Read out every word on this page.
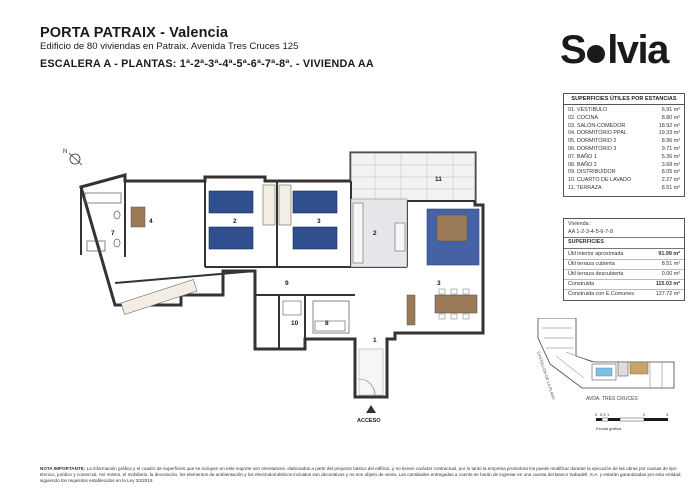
PORTA PATRAIX - Valencia
Edificio de 80 viviendas en Patraix. Avenida Tres Cruces 125
ESCALERA A - PLANTAS: 1ª-2ª-3ª-4ª-5ª-6ª-7ª-8ª. - VIVIENDA AA	S lvia
SUPERFICIES ÚTILES POR ESTANCIAS
01. VESTIBULO	6.91 m²
02. COCINA	8.80 m²
03. SALÓN-COMEDOR	18.92 m²
04. DORMITORIO PPAL	19.33 m²
05. DORMITORIO 2	8.96 m²
06. DORMITORIO 3	9.71 m²
07. BAÑO 1	5.36 m²
08. BAÑO 2	3.68 m²
09. DISTRIBUIDOR	8.05 m²
10. CUARTO DE LAVADO	2.27 m²
11. TERRAZA	8.51 m²
Vivienda :
AA 1-2-3-4-5-6-7-8
SUPERFICIES
Útil interior aproximada	91.99 m²
Útil terraza cubierta	8.51 m²
Útil terraza descubierta	0.00 m²
Construida	115.03 m²
Construida con E.Comunes	127.72 m²
N
1
2
2
3
3
4
7
8
9
10
11
ACCESO
CASTELLÓN DE LA PLANA	AVDA. TRES CRUCES
0 0.5 1	2	3
Escala gráfica
NOTA IMPORTANTE: La información gráfica y el cuadro de superficies que se incluyen en este soporte son orientativos, elaborados a partir del proyecto básico del edificio, y no tienen carácter contractual, por lo tanto la empresa promotora los puede modificar durante la ejecución de las obras por causas de tipo técnico, jurídico y comercial. Así mismo, el mobiliario, la decoración, los elementos de ambientación y los electrodomésticos incluidos son decorativos y no son objeto de venta. Las cantidades entregadas a cuenta se harán de ingresar en una cuenta del Banco Sabadell, S.A. y estarán garantizadas por esta entidad, siguiendo los requisitos establecidos en la Ley 20/2015.
